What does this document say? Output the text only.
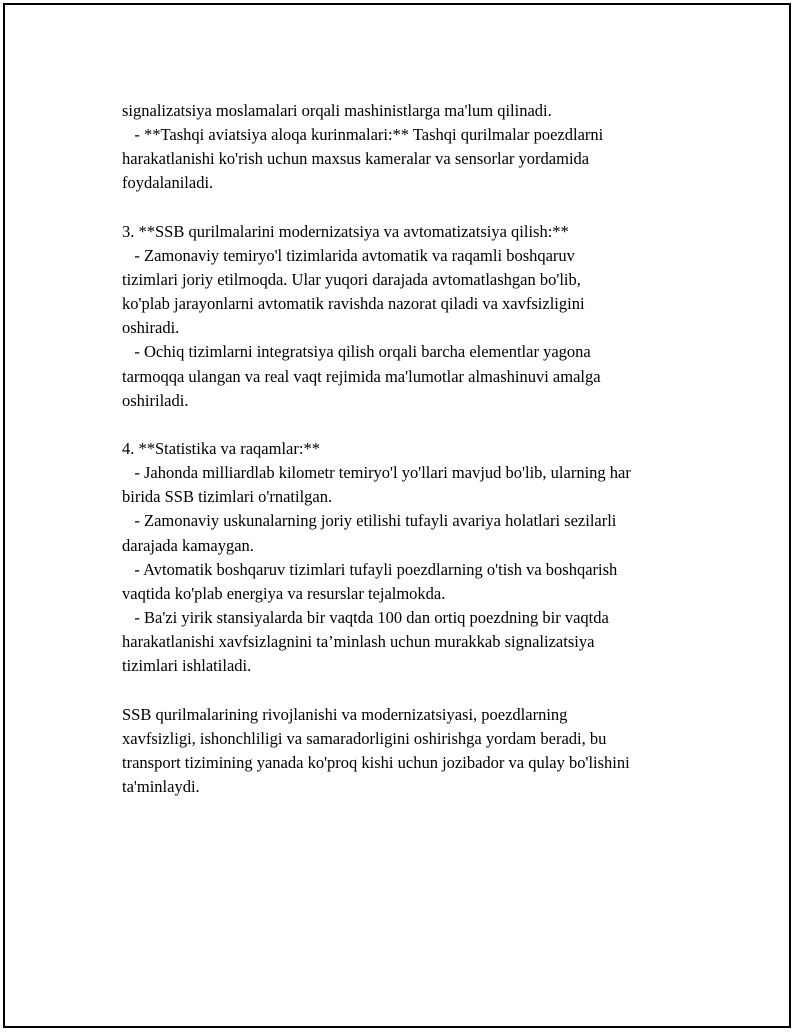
signalizatsiya moslamalari orqali mashinistlarga ma'lum qilinadi.
- **Tashqi aviatsiya aloqa kurinmalari:** Tashqi qurilmalar poezdlarni
harakatlanishi ko'rish uchun maxsus kameralar va sensorlar yordamida
foydalaniladi.
3. **SSB qurilmalarini modernizatsiya va avtomatizatsiya qilish:**
- Zamonaviy temiryo'l tizimlarida avtomatik va raqamli boshqaruv
tizimlari joriy etilmoqda. Ular yuqori darajada avtomatlashgan bo'lib,
ko'plab jarayonlarni avtomatik ravishda nazorat qiladi va xavfsizligini
oshiradi.
- Ochiq tizimlarni integratsiya qilish orqali barcha elementlar yagona
tarmoqqa ulangan va real vaqt rejimida ma'lumotlar almashinuvi amalga
oshiriladi.
4. **Statistika va raqamlar:**
- Jahonda milliardlab kilometr temiryo'l yo'llari mavjud bo'lib, ularning har
birida SSB tizimlari o'rnatilgan.
- Zamonaviy uskunalarning joriy etilishi tufayli avariya holatlari sezilarli
darajada kamaygan.
- Avtomatik boshqaruv tizimlari tufayli poezdlarning o'tish va boshqarish
vaqtida ko'plab energiya va resurslar tejalmokda.
- Ba'zi yirik stansiyalarda bir vaqtda 100 dan ortiq poezdning bir vaqtda
harakatlanishi xavfsizlagnini ta’minlash uchun murakkab signalizatsiya
tizimlari ishlatiladi.
SSB qurilmalarining rivojlanishi va modernizatsiyasi, poezdlarning
xavfsizligi, ishonchliligi va samaradorligini oshirishga yordam beradi, bu
transport tizimining yanada ko'proq kishi uchun jozibador va qulay bo'lishini
ta'minlaydi.
